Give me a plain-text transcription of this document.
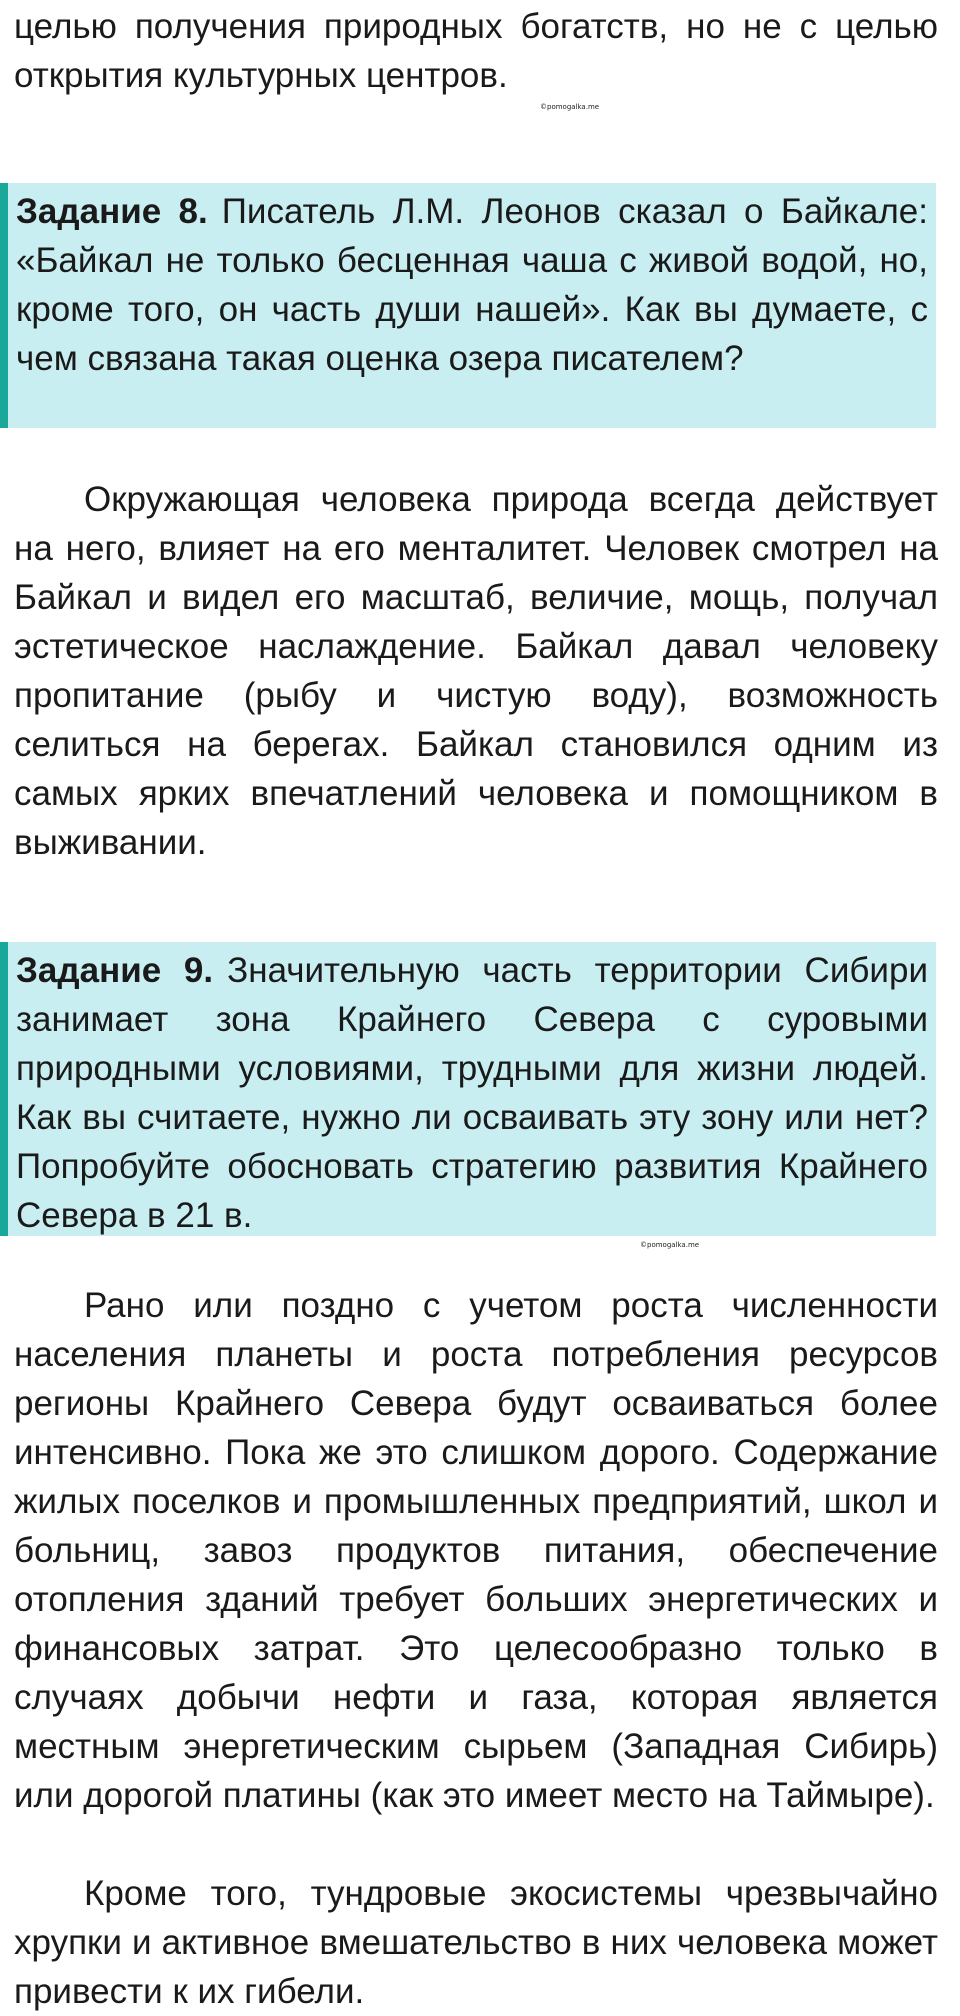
целью получения природных богатств, но не с целью открытия культурных центров.

©pomogalka.me

Задание 8. Писатель Л.М. Леонов сказал о Байкале: «Байкал не только бесценная чаша с живой водой, но, кроме того, он часть души нашей». Как вы думаете, с чем связана такая оценка озера писателем?

Окружающая человека природа всегда действует на него, влияет на его менталитет. Человек смотрел на Байкал и видел его масштаб, величие, мощь, получал эстетическое наслаждение. Байкал давал человеку пропитание (рыбу и чистую воду), возможность селиться на берегах. Байкал становился одним из самых ярких впечатлений человека и помощником в выживании.

Задание 9. Значительную часть территории Сибири занимает зона Крайнего Севера с суровыми природными условиями, трудными для жизни людей. Как вы считаете, нужно ли осваивать эту зону или нет? Попробуйте обосновать стратегию развития Крайнего Севера в 21 в.

©pomogalka.me

Рано или поздно с учетом роста численности населения планеты и роста потребления ресурсов регионы Крайнего Севера будут осваиваться более интенсивно. Пока же это слишком дорого. Содержание жилых поселков и промышленных предприятий, школ и больниц, завоз продуктов питания, обеспечение отопления зданий требует больших энергетических и финансовых затрат. Это целесообразно только в случаях добычи нефти и газа, которая является местным энергетическим сырьем (Западная Сибирь) или дорогой платины (как это имеет место на Таймыре).

Кроме того, тундровые экосистемы чрезвычайно хрупки и активное вмешательство в них человека может привести к их гибели.
